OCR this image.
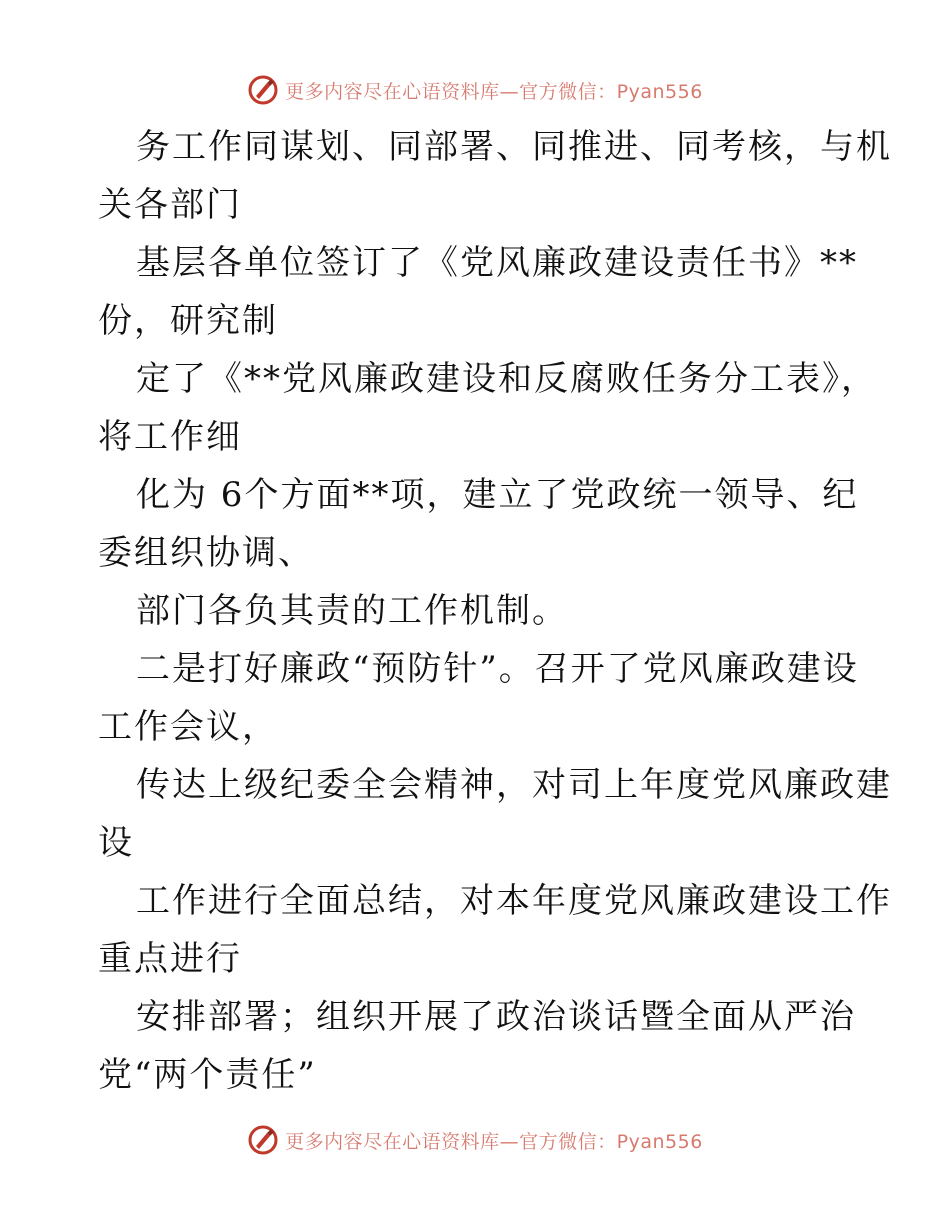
更多内容尽在心语资料库—官方微信：Pyan556
务工作同谋划、同部署、同推进、同考核，与机
关各部门
基层各单位签订了《党风廉政建设责任书》**
份，研究制
定了《**党风廉政建设和反腐败任务分工表》，
将工作细
化为 6个方面**项，建立了党政统一领导、纪
委组织协调、
部门各负其责的工作机制。
二是打好廉政“预防针”。召开了党风廉政建设
工作会议，
传达上级纪委全会精神，对司上年度党风廉政建
设
工作进行全面总结，对本年度党风廉政建设工作
重点进行
安排部署；组织开展了政治谈话暨全面从严治
党“两个责任”
更多内容尽在心语资料库—官方微信：Pyan556
